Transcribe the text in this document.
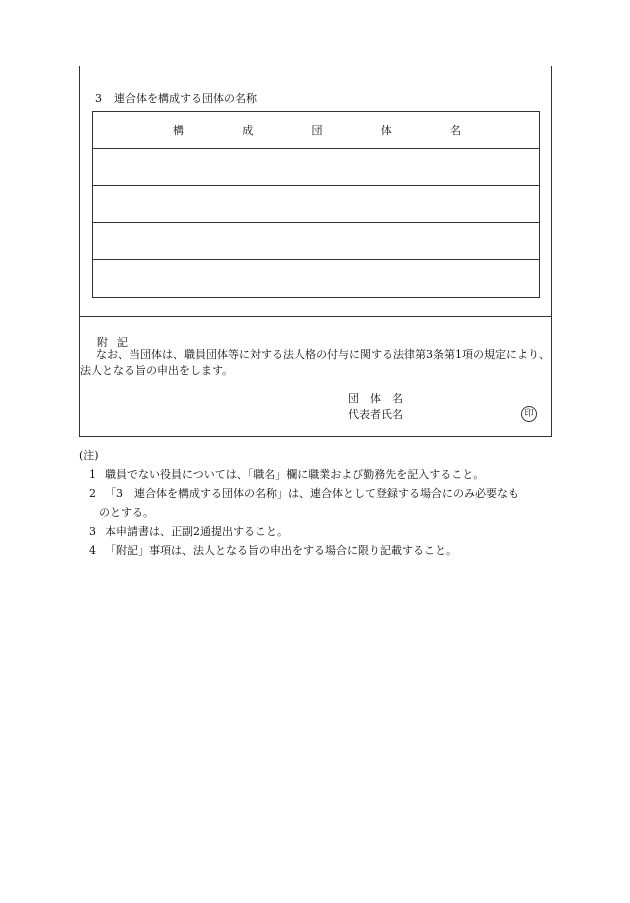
3 連合体を構成する団体の名称
構	成	団	体	名
附 記
なお、当団体は、職員団体等に対する法人格の付与に関する法律第3条第1項の規定により、法人となる旨の申出をします。
団　体　名
代表者氏名	印
(注)
1 職員でない役員については、「職名」欄に職業および勤務先を記入すること。
2 「3　連合体を構成する団体の名称」は、連合体として登録する場合にのみ必要なも
のとする。
3 本申請書は、正副2通提出すること。
4 「附記」事項は、法人となる旨の申出をする場合に限り記載すること。
